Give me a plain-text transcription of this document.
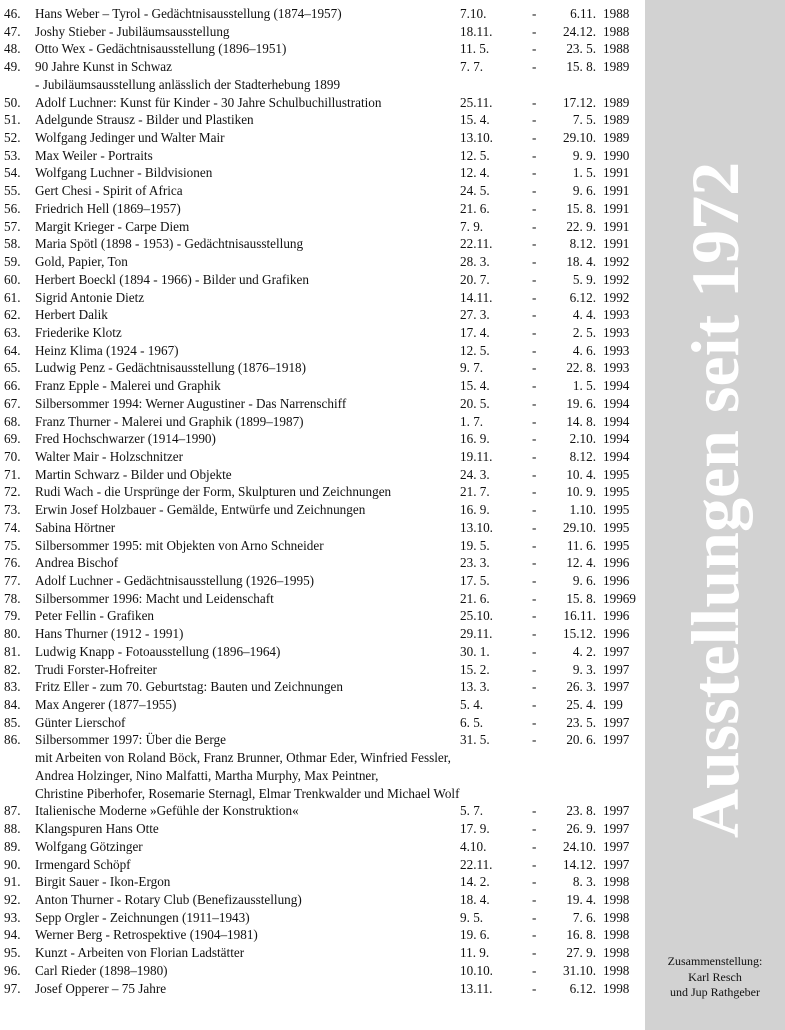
46. Hans Weber – Tyrol - Gedächtnisausstellung (1874–1957)	7.10.	-	6.11. 1988
47. Joshy Stieber - Jubiläumsausstellung	18.11.	-	24.12. 1988
48. Otto Wex - Gedächtnisausstellung (1896–1951)	11. 5.	-	23. 5. 1988
49. 90 Jahre Kunst in Schwaz	7. 7.	-	15. 8. 1989
- Jubiläumsausstellung anlässlich der Stadterhebung 1899
50. Adolf Luchner: Kunst für Kinder - 30 Jahre Schulbuchillustration	25.11.	-	17.12. 1989
51. Adelgunde Strausz - Bilder und Plastiken	15. 4.	-	7. 5. 1989
52. Wolfgang Jedinger und Walter Mair	13.10.	-	29.10. 1989
53. Max Weiler - Portraits	12. 5.	-	9. 9. 1990
54. Wolfgang Luchner - Bildvisionen	12. 4.	-	1. 5. 1991
55. Gert Chesi - Spirit of Africa	24. 5.	-	9. 6. 1991
56. Friedrich Hell (1869–1957)	21. 6.	-	15. 8. 1991
57. Margit Krieger - Carpe Diem	7. 9.	-	22. 9. 1991
58. Maria Spötl (1898 - 1953) - Gedächtnisausstellung	22.11.	-	8.12. 1991
59. Gold, Papier, Ton	28. 3.	-	18. 4. 1992
60. Herbert Boeckl (1894 - 1966) - Bilder und Grafiken	20. 7.	-	5. 9. 1992
61. Sigrid Antonie Dietz	14.11.	-	6.12. 1992
62. Herbert Dalik	27. 3.	-	4. 4. 1993
63. Friederike Klotz	17. 4.	-	2. 5. 1993
64. Heinz Klima (1924 - 1967)	12. 5.	-	4. 6. 1993
65. Ludwig Penz - Gedächtnisausstellung (1876–1918)	9. 7.	-	22. 8. 1993
66. Franz Epple - Malerei und Graphik	15. 4.	-	1. 5. 1994
67. Silbersommer 1994: Werner Augustiner - Das Narrenschiff	20. 5.	-	19. 6. 1994
68. Franz Thurner - Malerei und Graphik (1899–1987)	1. 7.	-	14. 8. 1994
69. Fred Hochschwarzer (1914–1990)	16. 9.	-	2.10. 1994
70. Walter Mair - Holzschnitzer	19.11.	-	8.12. 1994
71. Martin Schwarz - Bilder und Objekte	24. 3.	-	10. 4. 1995
72. Rudi Wach - die Ursprünge der Form, Skulpturen und Zeichnungen	21. 7.	-	10. 9. 1995
73. Erwin Josef Holzbauer - Gemälde, Entwürfe und Zeichnungen	16. 9.	-	1.10. 1995
74. Sabina Hörtner	13.10.	-	29.10. 1995
75. Silbersommer 1995: mit Objekten von Arno Schneider	19. 5.	-	11. 6. 1995
76. Andrea Bischof	23. 3.	-	12. 4. 1996
77. Adolf Luchner - Gedächtnisausstellung (1926–1995)	17. 5.	-	9. 6. 1996
78. Silbersommer 1996: Macht und Leidenschaft	21. 6.	-	15. 8. 19969
79. Peter Fellin - Grafiken	25.10.	-	16.11. 1996
80. Hans Thurner (1912 - 1991)	29.11.	-	15.12. 1996
81. Ludwig Knapp - Fotoausstellung (1896–1964)	30. 1.	-	4. 2. 1997
82. Trudi Forster-Hofreiter	15. 2.	-	9. 3. 1997
83. Fritz Eller - zum 70. Geburtstag: Bauten und Zeichnungen	13. 3.	-	26. 3. 1997
84. Max Angerer (1877–1955)	5. 4.	-	25. 4. 199
85. Günter Lierschof	6. 5.	-	23. 5. 1997
86. Silbersommer 1997: Über die Berge	31. 5.	-	20. 6. 1997
mit Arbeiten von Roland Böck, Franz Brunner, Othmar Eder, Winfried Fessler,
Andrea Holzinger, Nino Malfatti, Martha Murphy, Max Peintner,
Christine Piberhofer, Rosemarie Sternagl, Elmar Trenkwalder und Michael Wolf
87. Italienische Moderne »Gefühle der Konstruktion«	5. 7.	-	23. 8. 1997
88. Klangspuren Hans Otte	17. 9.	-	26. 9. 1997
89. Wolfgang Götzinger	4.10.	-	24.10. 1997
90. Irmengard Schöpf	22.11.	-	14.12. 1997
91. Birgit Sauer - Ikon-Ergon	14. 2.	-	8. 3. 1998
92. Anton Thurner - Rotary Club (Benefizausstellung)	18. 4.	-	19. 4. 1998
93. Sepp Orgler - Zeichnungen (1911–1943)	9. 5.	-	7. 6. 1998
94. Werner Berg - Retrospektive (1904–1981)	19. 6.	-	16. 8. 1998
95. Kunzt - Arbeiten von Florian Ladstätter	11. 9.	-	27. 9. 1998
96. Carl Rieder (1898–1980)	10.10.	-	31.10. 1998
97. Josef Opperer – 75 Jahre	13.11.	-	6.12. 1998
Ausstellungen seit 1972
Zusammenstellung:
Karl Resch
und Jup Rathgeber
